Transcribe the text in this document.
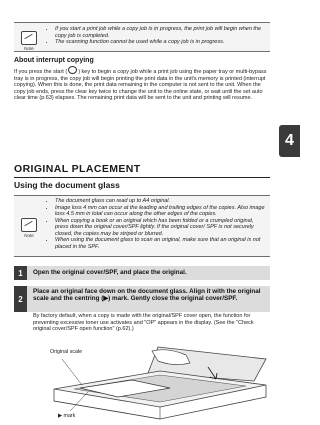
Note
• If you start a print job while a copy job is in progress, the print job will begin when the copy job is completed.
• The scanning function cannot be used while a copy job is in progress.
About interrupt copying

If you press the start ( ) key to begin a copy job while a print job using the paper tray or multi-bypass tray is in progress, the copy job will begin printing the print data in the unit's memory is printed (interrupt copying). When this is done, the print data remaining in the computer is not sent to the unit. When the copy job ends, press the clear key twice to change the unit to the online state, or wait until the set auto clear time (p.63) elapses. The remaining print data will be sent to the unit and printing will resume.

ORIGINAL PLACEMENT
Using the document glass
4
Note
• The document glass can read up to A4 original.
• Image loss 4 mm can occur at the leading and trailing edges of the copies. Also image loss 4.5 mm in total can occur along the other edges of the copies.
• When copying a book or an original which has been folded or a crumpled original, press down the original cover/SPF lightly. If the original cover/ SPF is not securely closed, the copies may be striped or blurred.
• When using the document glass to scan an original, make sure that an original is not placed in the SPF.
1	Open the original cover/SPF, and place the original.
2
Place an original face down on the document glass. Align it with the original scale and the centring (▶) mark. Gently close the original cover/SPF.

By factory default, when a copy is made with the original/SPF cover open, the function for preventing excessive toner use activates and "OP" appears in the display. (See the "Check original cover/SPF open function" (p.62).)

Original scale
▶ mark
